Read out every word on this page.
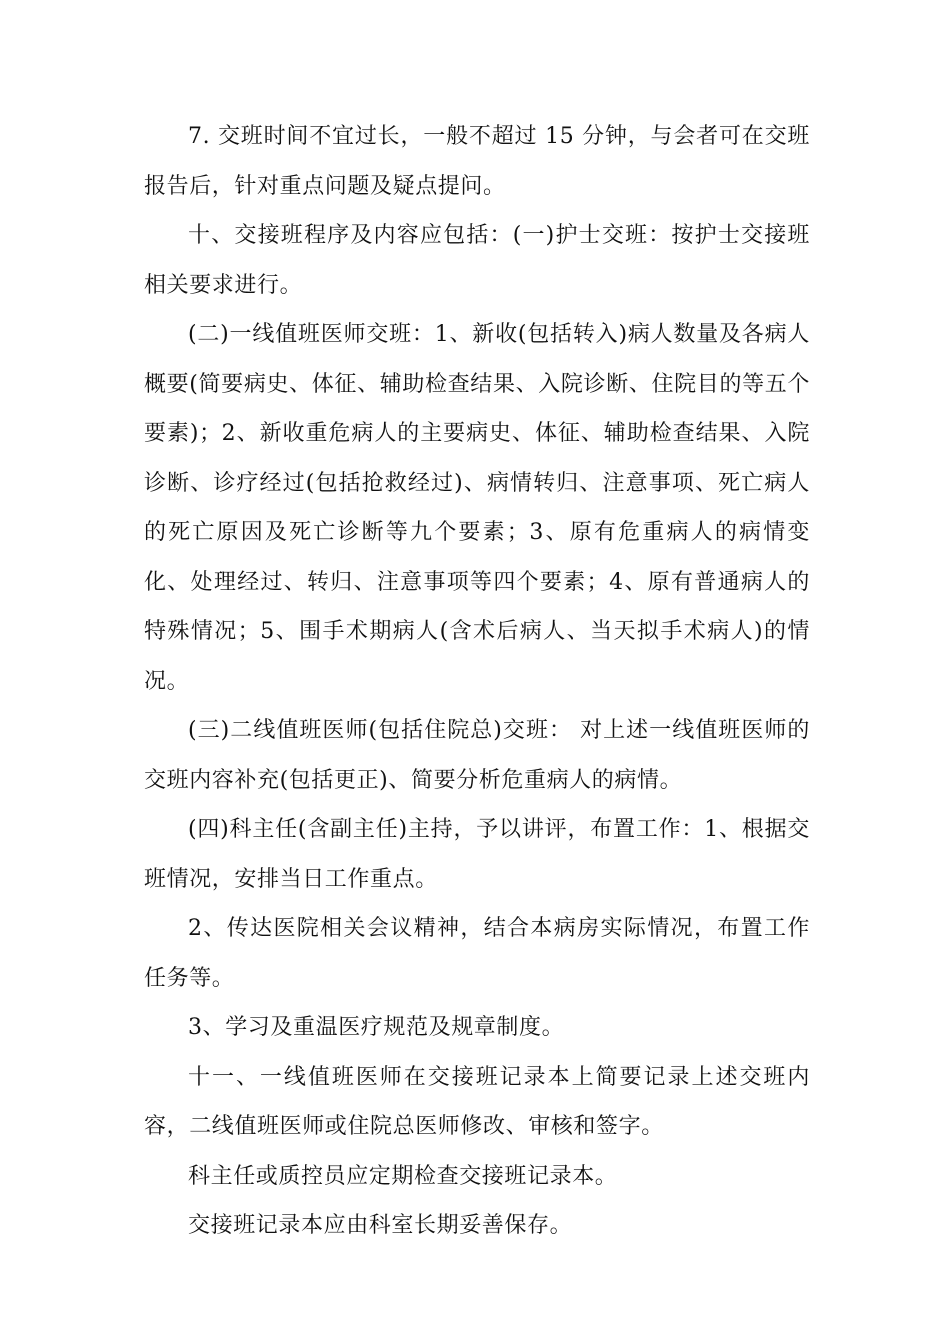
7. 交班时间不宜过长，一般不超过 15 分钟，与会者可在交班报告后，针对重点问题及疑点提问。

十、交接班程序及内容应包括：(一)护士交班：按护士交接班相关要求进行。

(二)一线值班医师交班：1、新收(包括转入)病人数量及各病人概要(简要病史、体征、辅助检查结果、入院诊断、住院目的等五个要素)；2、新收重危病人的主要病史、体征、辅助检查结果、入院诊断、诊疗经过(包括抢救经过)、病情转归、注意事项、死亡病人的死亡原因及死亡诊断等九个要素；3、原有危重病人的病情变化、处理经过、转归、注意事项等四个要素；4、原有普通病人的特殊情况；5、围手术期病人(含术后病人、当天拟手术病人)的情况。

(三)二线值班医师(包括住院总)交班： 对上述一线值班医师的交班内容补充(包括更正)、简要分析危重病人的病情。

(四)科主任(含副主任)主持，予以讲评，布置工作：1、根据交班情况，安排当日工作重点。

2、传达医院相关会议精神，结合本病房实际情况，布置工作任务等。

3、学习及重温医疗规范及规章制度。

十一、一线值班医师在交接班记录本上简要记录上述交班内容，二线值班医师或住院总医师修改、审核和签字。

科主任或质控员应定期检查交接班记录本。

交接班记录本应由科室长期妥善保存。
